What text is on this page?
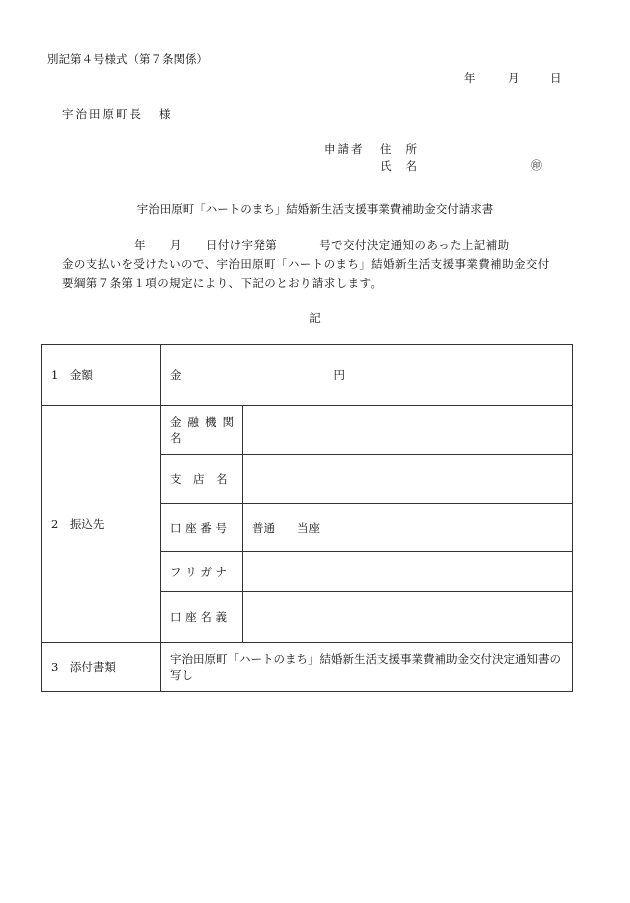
別記第４号様式（第７条関係）
年	月	日
宇治田原町長 様
申請者 住所
氏名	㊞
宇治田原町「ハートのまち」結婚新生活支援事業費補助金交付請求書
年 月 日付け宇発第	号で交付決定通知のあった上記補助
金の支払いを受けたいので、宇治田原町「ハートのまち」結婚新生活支援事業費補助金交付
要綱第７条第１項の規定により、下記のとおり請求します。
記
1　金額	金 円	
2　振込先	金融機関名	
	支　店　名	
	口 座 番 号	普通 当座
	フ リ ガ ナ	
	口 座 名 義	
3　添付書類	宇治田原町「ハートのまち」結婚新生活支援事業費補助金交付決定通知書の写し	
